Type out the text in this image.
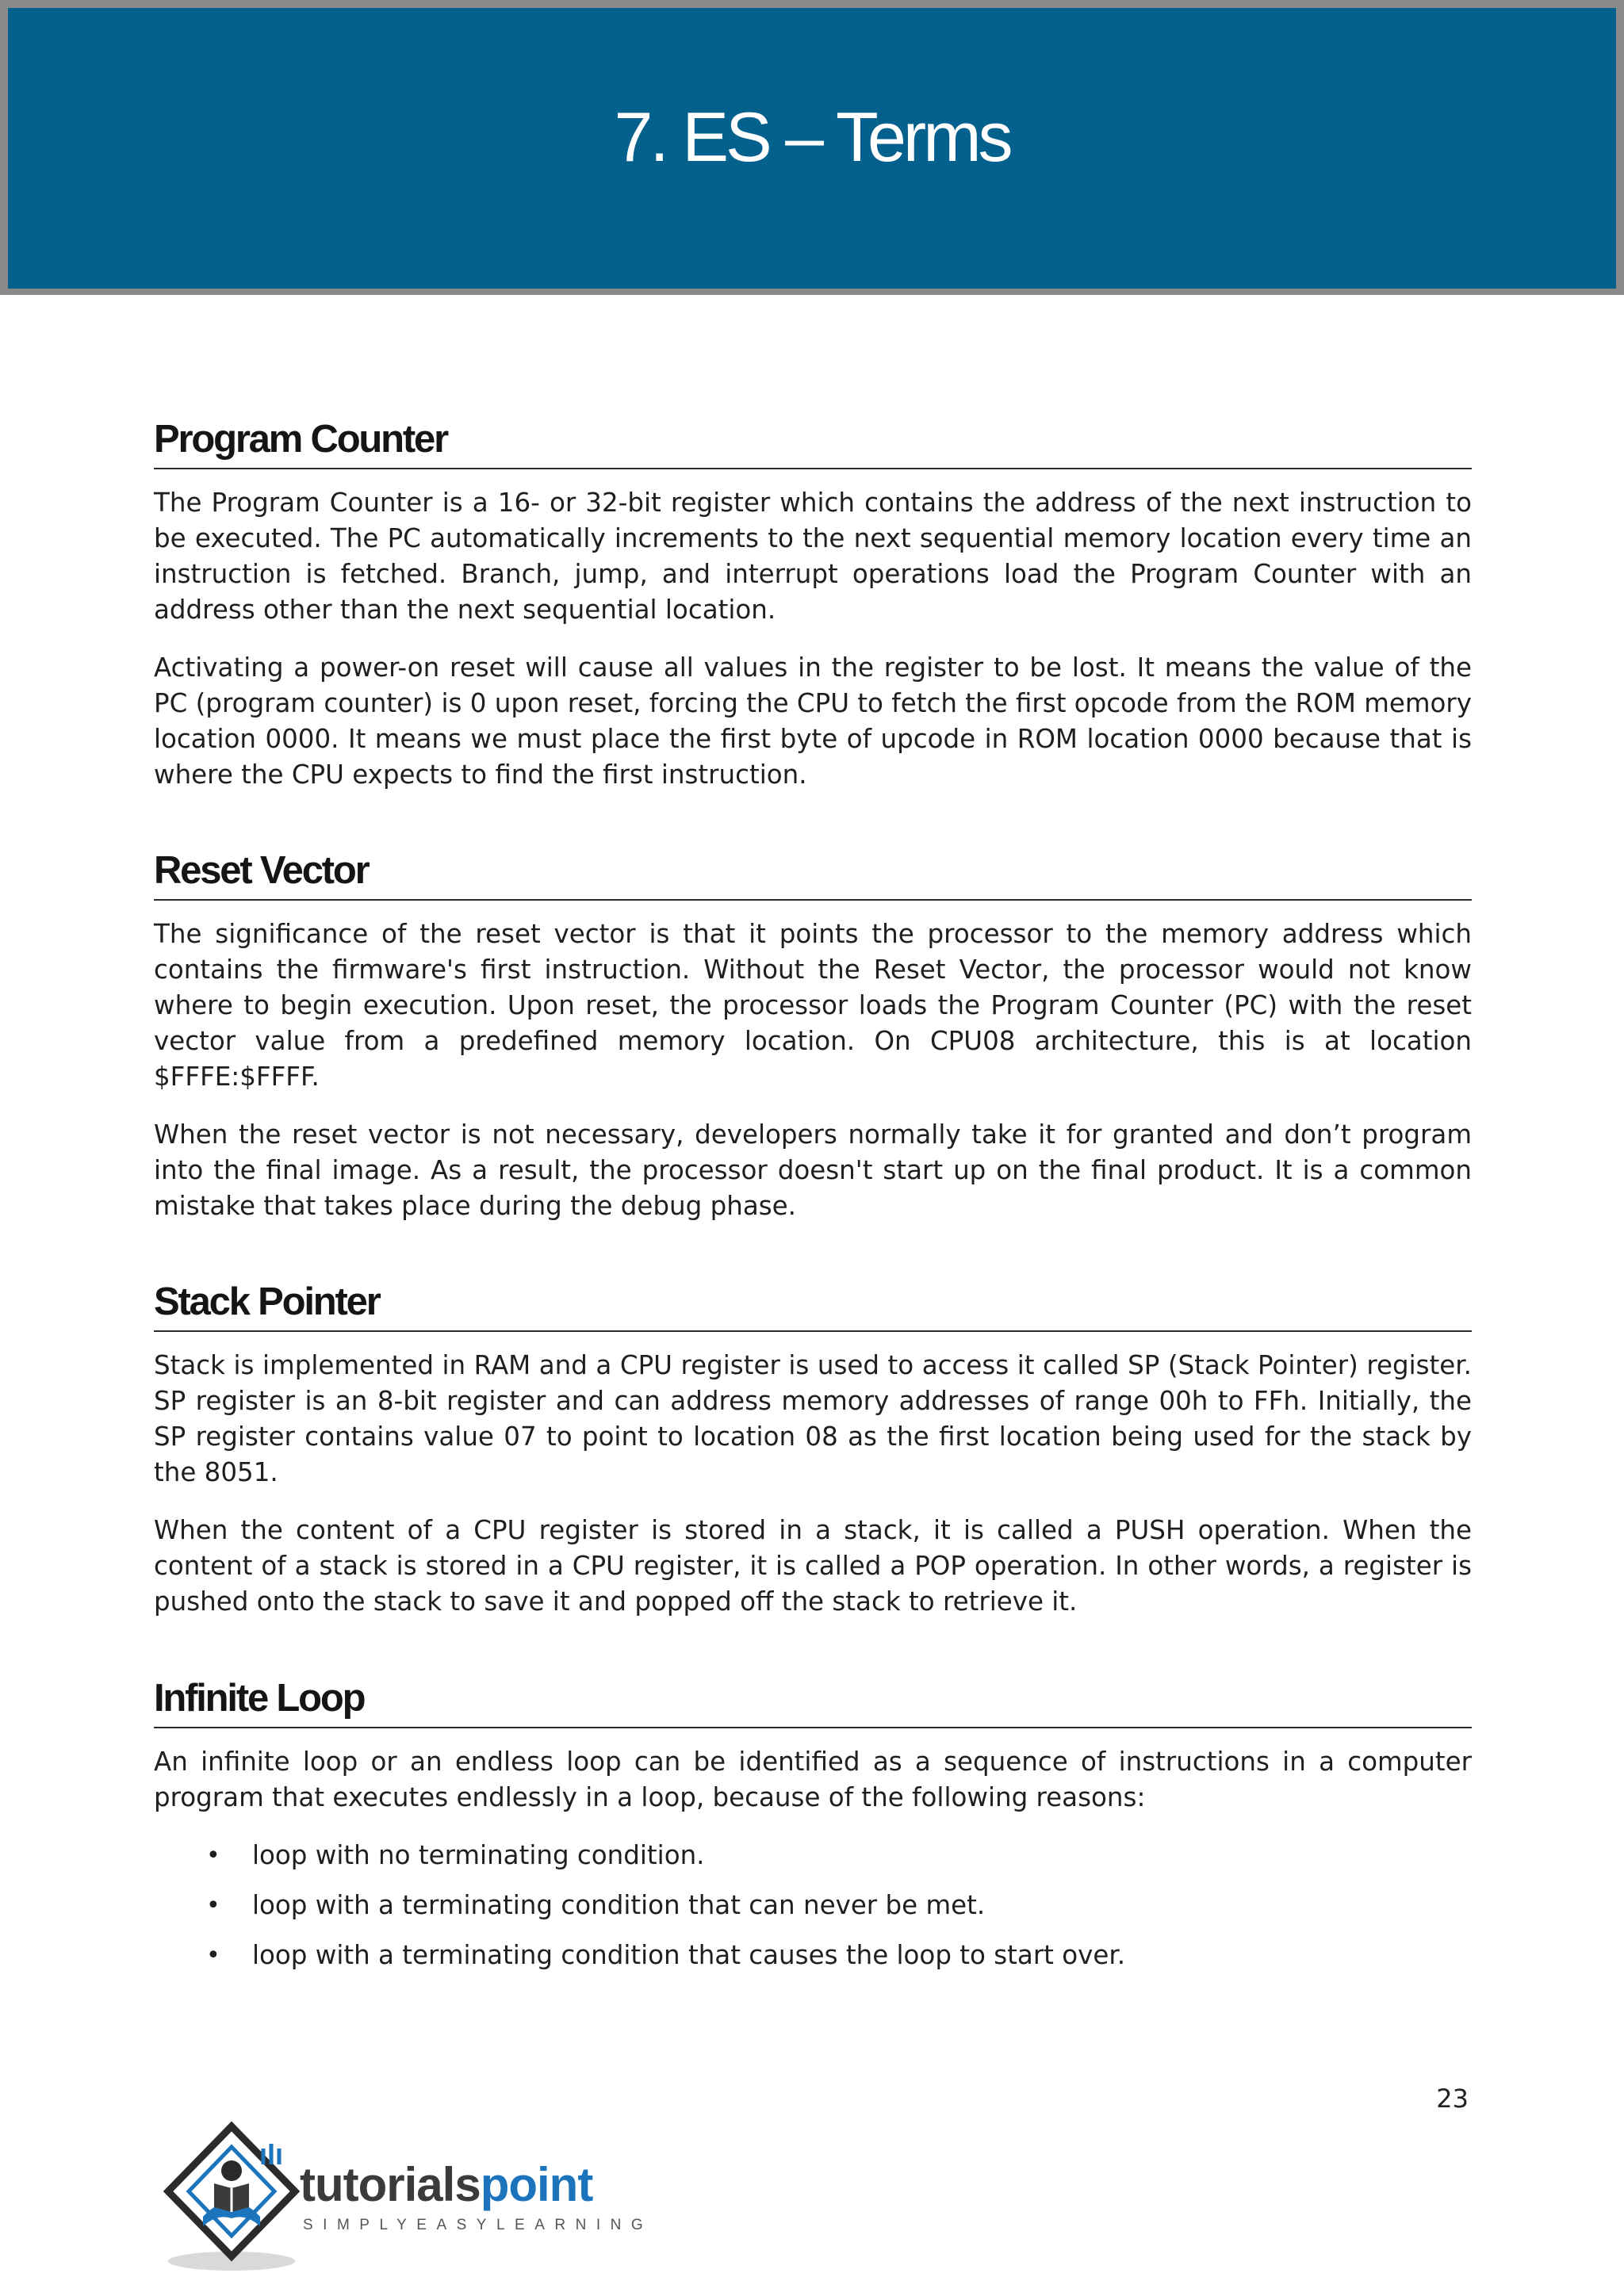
7. ES – Terms
Program Counter

The Program Counter is a 16- or 32-bit register which contains the address of the next instruction to be executed. The PC automatically increments to the next sequential memory location every time an instruction is fetched. Branch, jump, and interrupt operations load the Program Counter with an address other than the next sequential location.

Activating a power-on reset will cause all values in the register to be lost. It means the value of the PC (program counter) is 0 upon reset, forcing the CPU to fetch the first opcode from the ROM memory location 0000. It means we must place the first byte of upcode in ROM location 0000 because that is where the CPU expects to find the first instruction.

Reset Vector

The significance of the reset vector is that it points the processor to the memory address which contains the firmware's first instruction. Without the Reset Vector, the processor would not know where to begin execution. Upon reset, the processor loads the Program Counter (PC) with the reset vector value from a predefined memory location. On CPU08 architecture, this is at location $FFFE:$FFFF.

When the reset vector is not necessary, developers normally take it for granted and don’t program into the final image. As a result, the processor doesn't start up on the final product. It is a common mistake that takes place during the debug phase.

Stack Pointer

Stack is implemented in RAM and a CPU register is used to access it called SP (Stack Pointer) register. SP register is an 8-bit register and can address memory addresses of range 00h to FFh. Initially, the SP register contains value 07 to point to location 08 as the first location being used for the stack by the 8051.

When the content of a CPU register is stored in a stack, it is called a PUSH operation. When the content of a stack is stored in a CPU register, it is called a POP operation. In other words, a register is pushed onto the stack to save it and popped off the stack to retrieve it.

Infinite Loop

An infinite loop or an endless loop can be identified as a sequence of instructions in a computer program that executes endlessly in a loop, because of the following reasons:

• loop with no terminating condition.
• loop with a terminating condition that can never be met.
• loop with a terminating condition that causes the loop to start over.
23
tutorialspoint
SIMPLYEASYLEARNING
